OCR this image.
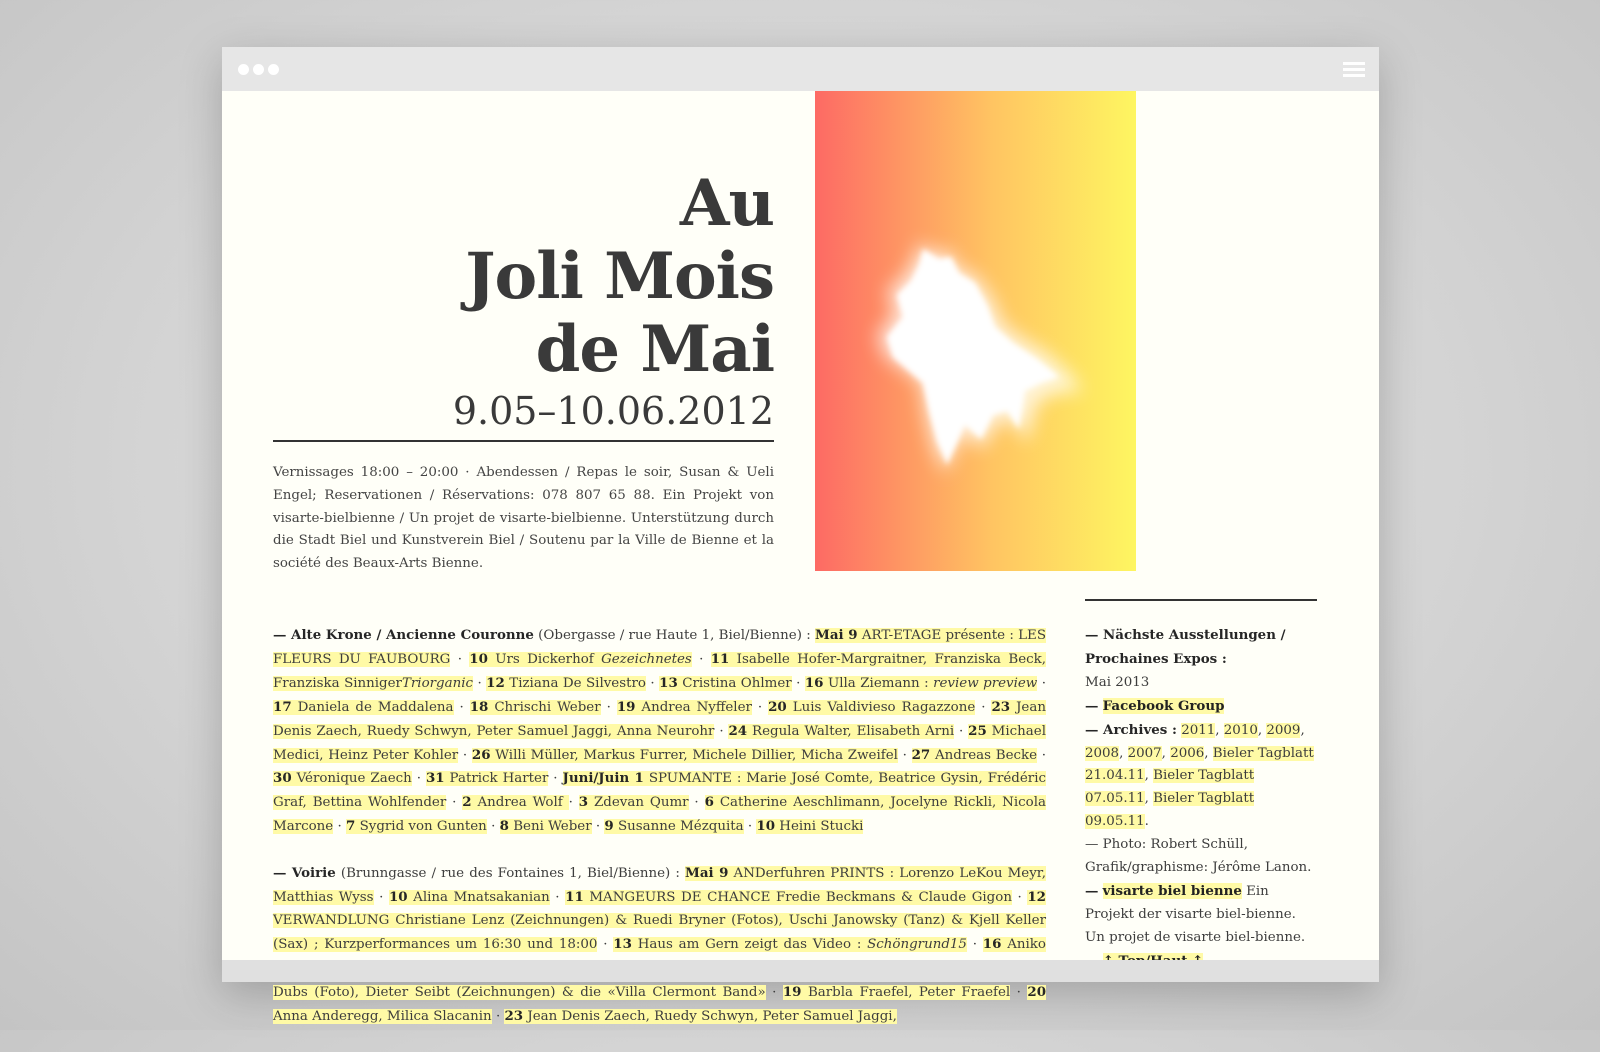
Au
Joli Mois
de Mai
9.05–10.06.2012

Vernissages 18:00 – 20:00 · Abendessen / Repas le soir, Susan & Ueli Engel; Reservationen / Réservations: 078 807 65 88. Ein Projekt von visarte-bielbienne / Un projet de visarte-bielbienne. Unterstützung durch die Stadt Biel und Kunstverein Biel / Soutenu par la Ville de Bienne et la société des Beaux-Arts Bienne.

— Alte Krone / Ancienne Couronne (Obergasse / rue Haute 1, Biel/Bienne) : Mai 9 ART-ETAGE présente : LES FLEURS DU FAUBOURG · 10 Urs Dickerhof Gezeichnetes · 11 Isabelle Hofer-Margraitner, Franziska Beck, Franziska SinnigerTriorganic · 12 Tiziana De Silvestro · 13 Cristina Ohlmer · 16 Ulla Ziemann : review preview · 17 Daniela de Maddalena · 18 Chrischi Weber · 19 Andrea Nyffeler · 20 Luis Valdivieso Ragazzone · 23 Jean Denis Zaech, Ruedy Schwyn, Peter Samuel Jaggi, Anna Neurohr · 24 Regula Walter, Elisabeth Arni · 25 Michael Medici, Heinz Peter Kohler · 26 Willi Müller, Markus Furrer, Michele Dillier, Micha Zweifel · 27 Andreas Becke · 30 Véronique Zaech · 31 Patrick Harter · Juni/Juin 1 SPUMANTE : Marie José Comte, Beatrice Gysin, Frédéric Graf, Bettina Wohlfender · 2 Andrea Wolf · 3 Zdevan Qumr · 6 Catherine Aeschlimann, Jocelyne Rickli, Nicola Marcone · 7 Sygrid von Gunten · 8 Beni Weber · 9 Susanne Mézquita · 10 Heini Stucki

— Voirie (Brunngasse / rue des Fontaines 1, Biel/Bienne) : Mai 9 ANDerfuhren PRINTS : Lorenzo LeKou Meyr, Matthias Wyss · 10 Alina Mnatsakanian · 11 MANGEURS DE CHANCE Fredie Beckmans & Claude Gigon · 12 VERWANDLUNG Christiane Lenz (Zeichnungen) & Ruedi Bryner (Fotos), Uschi Janowsky (Tanz) & Kjell Keller (Sax) ; Kurzperformances um 16:30 und 18:00 · 13 Haus am Gern zeigt das Video : Schöngrund15 · 16 Aniko Dubs (Foto), Dieter Seibt (Zeichnungen) & die «Villa Clermont Band» · 19 Barbla Fraefel, Peter Fraefel · 20 Anna Anderegg, Milica Slacanin · 23 Jean Denis Zaech, Ruedy Schwyn, Peter Samuel Jaggi,

— Nächste Ausstellungen / Prochaines Expos :
Mai 2013
— Facebook Group
— Archives : 2011, 2010, 2009, 2008, 2007, 2006, Bieler Tagblatt 21.04.11, Bieler Tagblatt 07.05.11, Bieler Tagblatt 09.05.11.
— Photo: Robert Schüll, Grafik/graphisme: Jérôme Lanon.
— visarte biel bienne Ein Projekt der visarte biel-bienne. Un projet de visarte biel-bienne.
